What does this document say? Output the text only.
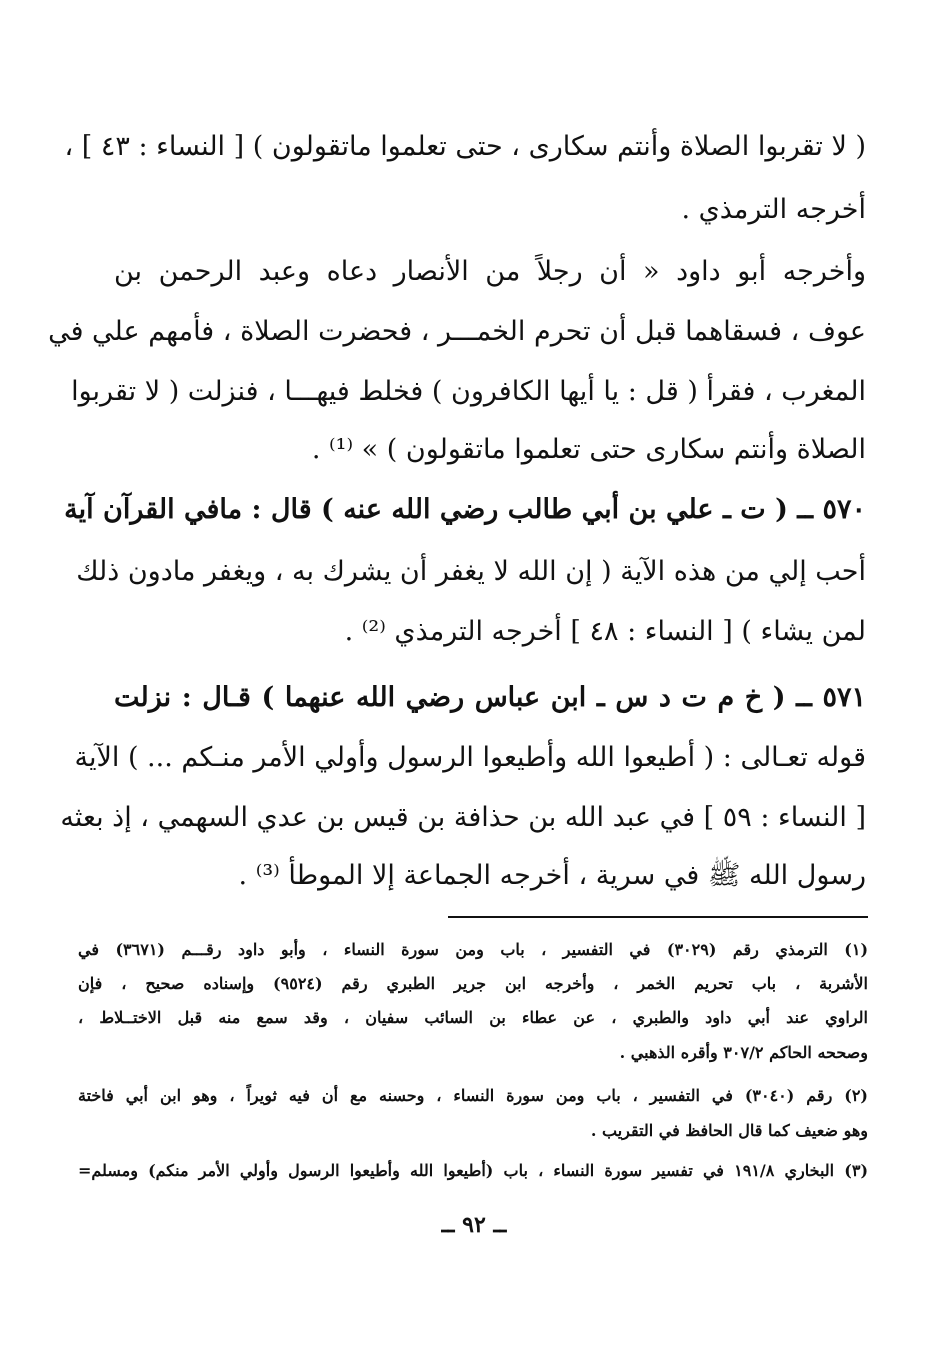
( لا تقربوا الصلاة وأنتم سكارى ، حتى تعلموا ماتقولون ) [ النساء : ٤٣ ] ،
أخرجه الترمذي .
وأخرجه أبو داود « أن رجلاً من الأنصار دعاه وعبد الرحمن بن
عوف ، فسقاهما قبل أن تحرم الخمـــر ، فحضرت الصلاة ، فأمهم علي في
المغرب ، فقرأ ( قل : يا أيها الكافرون ) فخلط فيهـــا ، فنزلت ( لا تقربوا
الصلاة وأنتم سكارى حتى تعلموا ماتقولون ) » ⁽¹⁾ .
٥٧٠ ــ ( ت ـ علي بن أبي طالب رضي الله عنه ) قال : مافي القرآن آية
أحب إلي من هذه الآية ( إن الله لا يغفر أن يشرك به ، ويغفر مادون ذلك
لمن يشاء ) [ النساء : ٤٨ ] أخرجه الترمذي ⁽²⁾ .
٥٧١ ــ ( خ م ت د س ـ ابن عباس رضي الله عنهما ) قـال : نزلت
قوله تعـالى : ( أطيعوا الله وأطيعوا الرسول وأولي الأمر منـكم ... ) الآية
[ النساء : ٥٩ ] في عبد الله بن حذافة بن قيس بن عدي السهمي ، إذ بعثه
رسول الله ﷺ في سرية ، أخرجه الجماعة إلا الموطأ ⁽³⁾ .
(١) الترمذي رقم (٣٠٢٩) في التفسير ، باب ومن سورة النساء ، وأبو داود رقـــم (٣٦٧١) في
الأشربة ، باب تحريم الخمر ، وأخرجه ابن جرير الطبري رقم (٩٥٢٤) وإسناده صحيح ، فإن
الراوي عند أبي داود والطبري ، عن عطاء بن السائب سفيان ، وقد سمع منه قبل الاختــلاط ،
وصححه الحاكم ٣٠٧/٢ وأقره الذهبي .
(٢) رقم (٣٠٤٠) في التفسير ، باب ومن سورة النساء ، وحسنه مع أن فيه ثويراً ، وهو ابن أبي فاختة
وهو ضعيف كما قال الحافظ في التقريب .
(٣) البخاري ١٩١/٨ في تفسير سورة النساء ، باب (أطيعوا الله وأطيعوا الرسول وأولي الأمر منكم) ومسلم=
ــ ٩٢ ــ
